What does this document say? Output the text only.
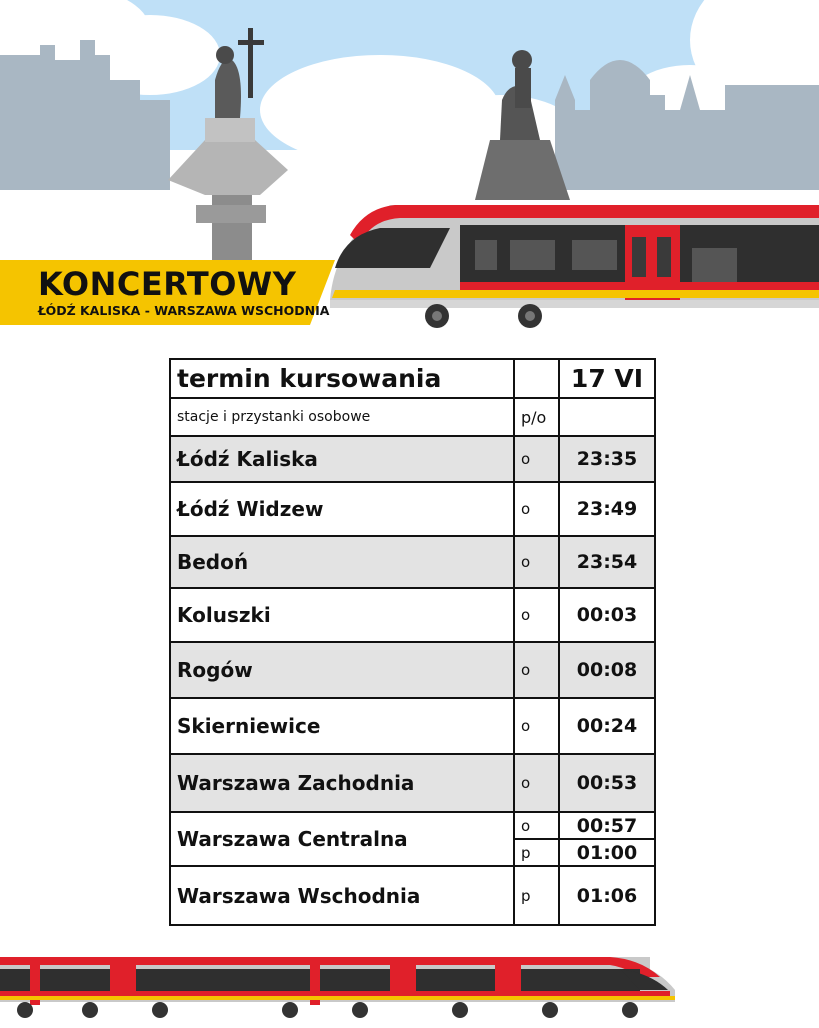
KONCERTOWY
ŁÓDŹ KALISKA - WARSZAWA WSCHODNIA
termin kursowania		17 VI
stacje i przystanki osobowe	p/o	
Łódź Kaliska	o	23:35
Łódź Widzew	o	23:49
Bedoń	o	23:54
Koluszki	o	00:03
Rogów	o	00:08
Skierniewice	o	00:24
Warszawa Zachodnia	o	00:53
Warszawa Centralna	o	00:57
	p	01:00
Warszawa Wschodnia	p	01:06
